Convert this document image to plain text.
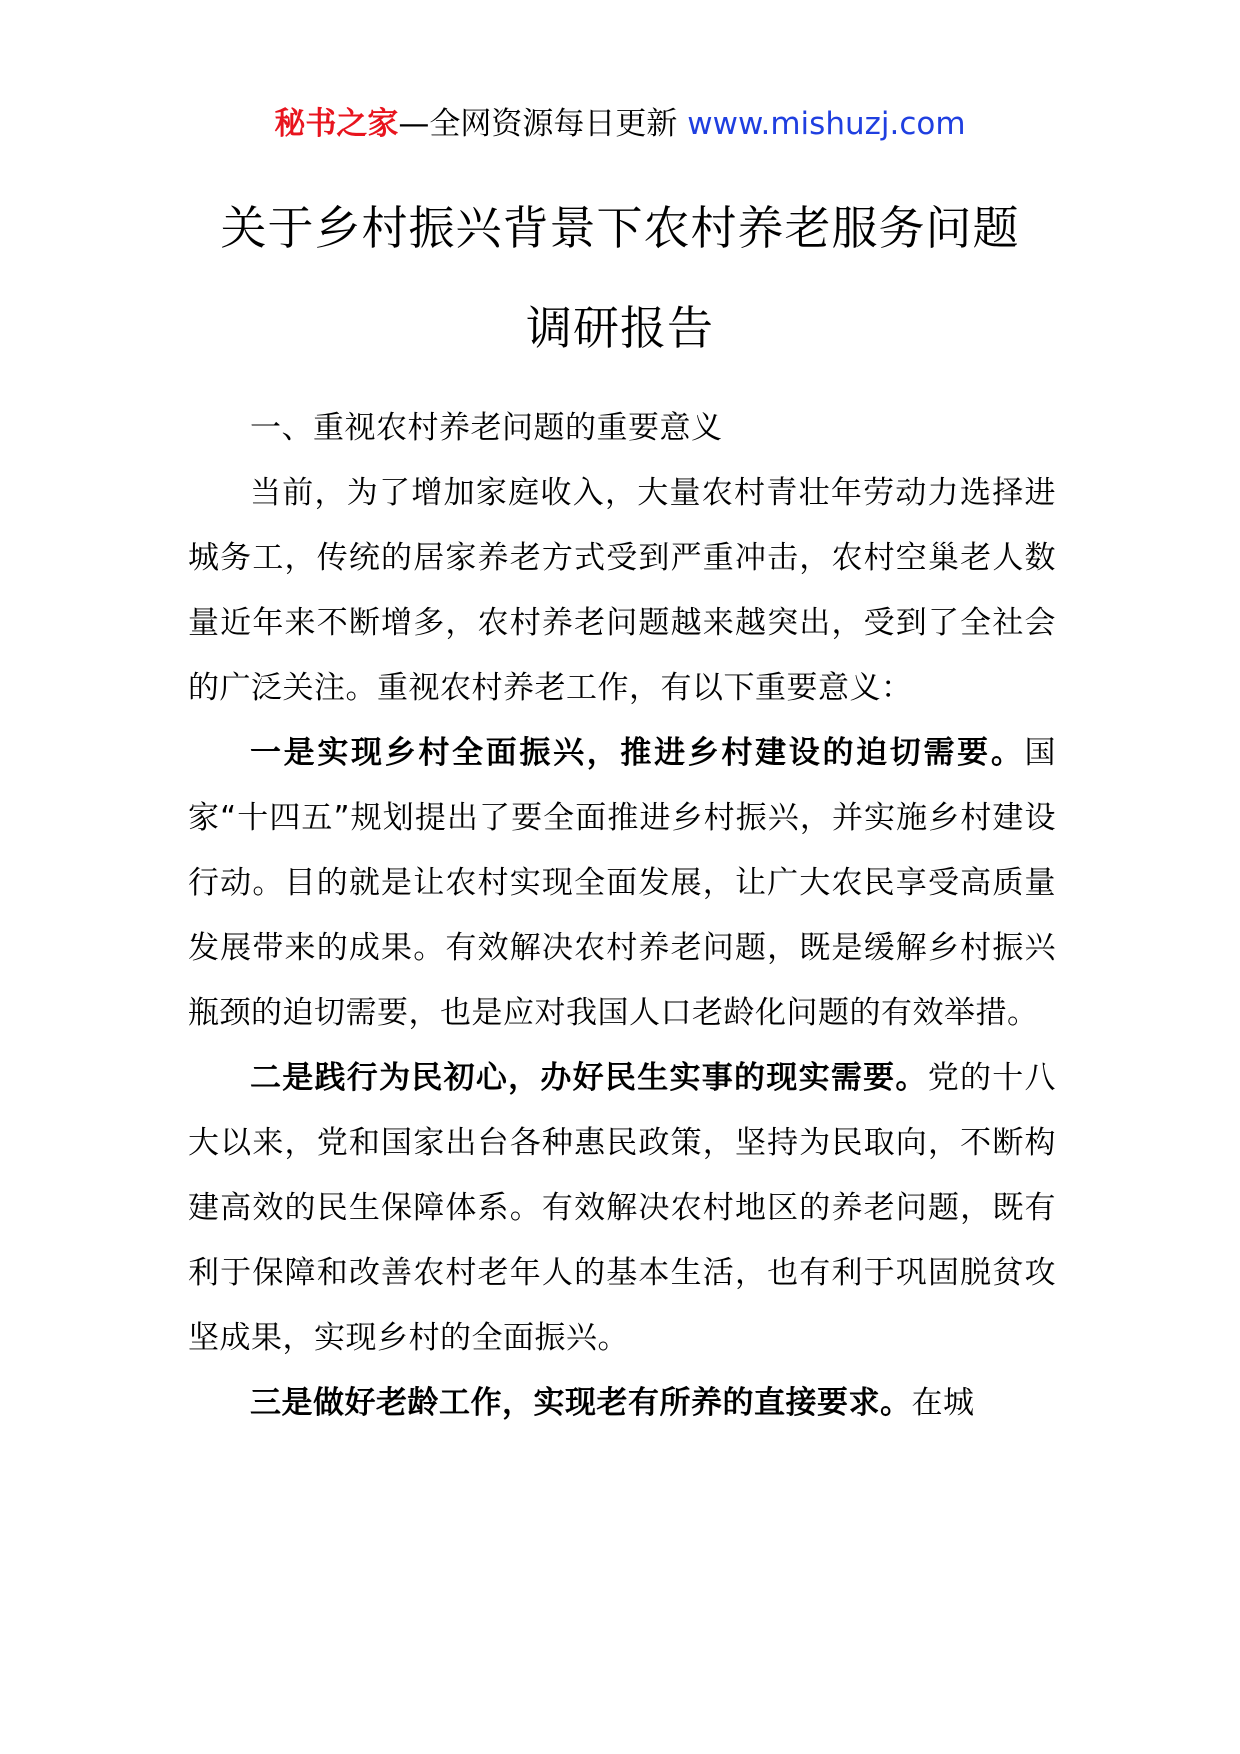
秘书之家—全网资源每日更新 www.mishuzj.com
关于乡村振兴背景下农村养老服务问题
调研报告

一、重视农村养老问题的重要意义

当前，为了增加家庭收入，大量农村青壮年劳动力选择进城务工，传统的居家养老方式受到严重冲击，农村空巢老人数量近年来不断增多，农村养老问题越来越突出，受到了全社会的广泛关注。重视农村养老工作，有以下重要意义：

一是实现乡村全面振兴，推进乡村建设的迫切需要。国家“十四五”规划提出了要全面推进乡村振兴，并实施乡村建设行动。目的就是让农村实现全面发展，让广大农民享受高质量发展带来的成果。有效解决农村养老问题，既是缓解乡村振兴瓶颈的迫切需要，也是应对我国人口老龄化问题的有效举措。

二是践行为民初心，办好民生实事的现实需要。党的十八大以来，党和国家出台各种惠民政策，坚持为民取向，不断构建高效的民生保障体系。有效解决农村地区的养老问题，既有利于保障和改善农村老年人的基本生活，也有利于巩固脱贫攻坚成果，实现乡村的全面振兴。

三是做好老龄工作，实现老有所养的直接要求。在城
